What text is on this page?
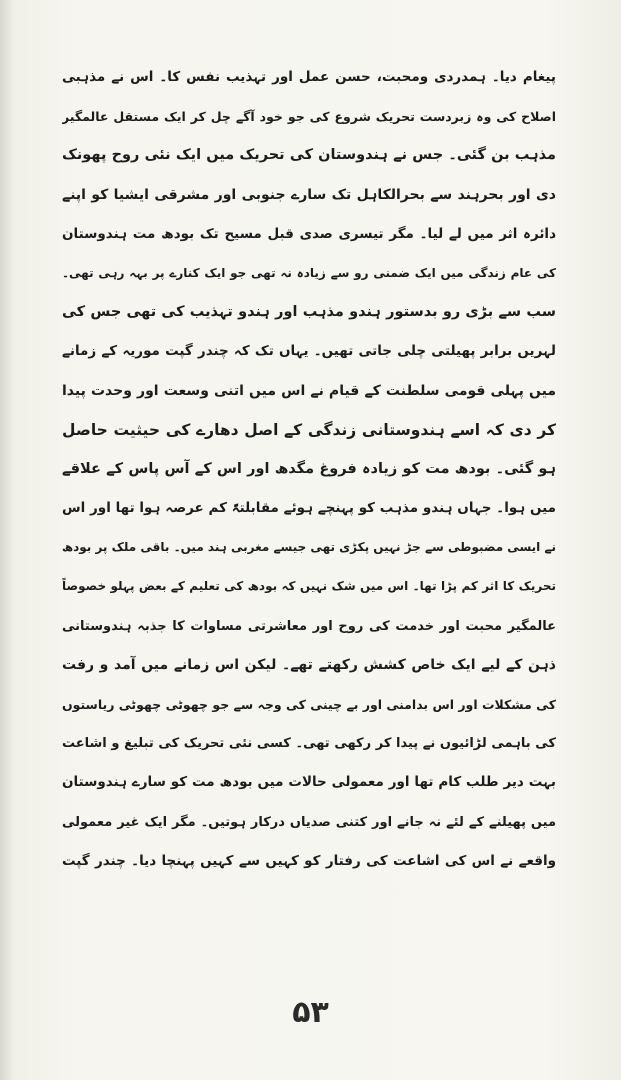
پیغام دیا۔ ہمدردی ومحبت، حسن عمل اور تہذیب نفس کا۔ اس نے مذہبی
اصلاح کی وہ زبردست تحریک شروع کی جو خود آگے چل کر ایک مستقل عالمگیر
مذہب بن گئی۔ جس نے ہندوستان کی تحریک میں ایک نئی روح پھونک
دی اور بحرہند سے بحرالکاہل تک سارے جنوبی اور مشرقی ایشیا کو اپنے
دائرہ اثر میں لے لیا۔ مگر تیسری صدی قبل مسیح تک بودھ مت ہندوستان
کی عام زندگی میں ایک ضمنی رو سے زیادہ نہ تھی جو ایک کنارے پر بہہ رہی تھی۔
سب سے بڑی رو بدستور ہندو مذہب اور ہندو تہذیب کی تھی جس کی
لہریں برابر پھیلتی چلی جاتی تھیں۔ یہاں تک کہ چندر گپت موریہ کے زمانے
میں پہلی قومی سلطنت کے قیام نے اس میں اتنی وسعت اور وحدت پیدا
کر دی کہ اسے ہندوستانی زندگی کے اصل دھارے کی حیثیت حاصل
ہو گئی۔ بودھ مت کو زیادہ فروغ مگدھ اور اس کے آس پاس کے علاقے
میں ہوا۔ جہاں ہندو مذہب کو پہنچے ہوئے مقابلتہً کم عرصہ ہوا تھا اور اس
نے ایسی مضبوطی سے جڑ نہیں پکڑی تھی جیسے مغربی ہند میں۔ باقی ملک پر بودھ
تحریک کا اثر کم پڑا تھا۔ اس میں شک نہیں کہ بودھ کی تعلیم کے بعض پہلو خصوصاً
عالمگیر محبت اور خدمت کی روح اور معاشرتی مساوات کا جذبہ ہندوستانی
ذہن کے لیے ایک خاص کشش رکھتے تھے۔ لیکن اس زمانے میں آمد و رفت
کی مشکلات اور اس بدامنی اور بے چینی کی وجہ سے جو چھوٹی چھوٹی ریاستوں
کی باہمی لڑائیوں نے پیدا کر رکھی تھی۔ کسی نئی تحریک کی تبلیغ و اشاعت
بہت دیر طلب کام تھا اور معمولی حالات میں بودھ مت کو سارے ہندوستان
میں پھیلنے کے لئے نہ جانے اور کتنی صدیاں درکار ہوتیں۔ مگر ایک غیر معمولی
واقعے نے اس کی اشاعت کی رفتار کو کہیں سے کہیں پہنچا دیا۔ چندر گپت
۵۳
